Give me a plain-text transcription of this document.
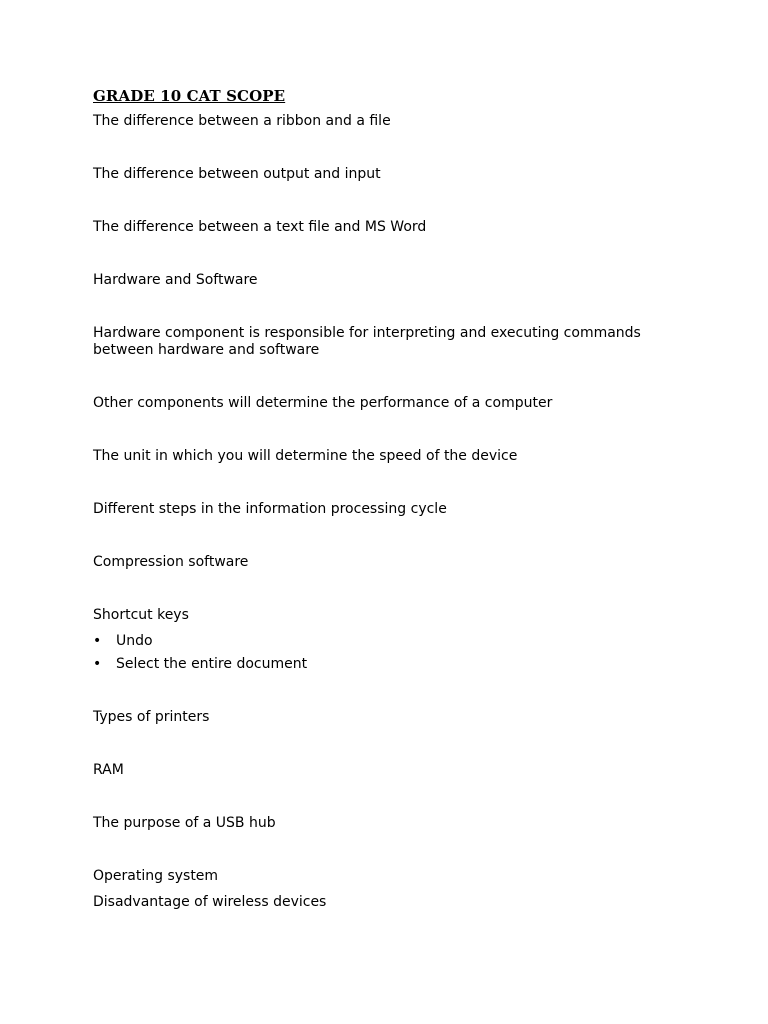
GRADE 10 CAT SCOPE

The difference between a ribbon and a file

The difference between output and input

The difference between a text file and MS Word

Hardware and Software

Hardware component is responsible for interpreting and executing commands between hardware and software

Other components will determine the performance of a computer

The unit in which you will determine the speed of the device

Different steps in the information processing cycle

Compression software

Shortcut keys

• Undo
• Select the entire document

Types of printers

RAM

The purpose of a USB hub

Operating system

Disadvantage of wireless devices
